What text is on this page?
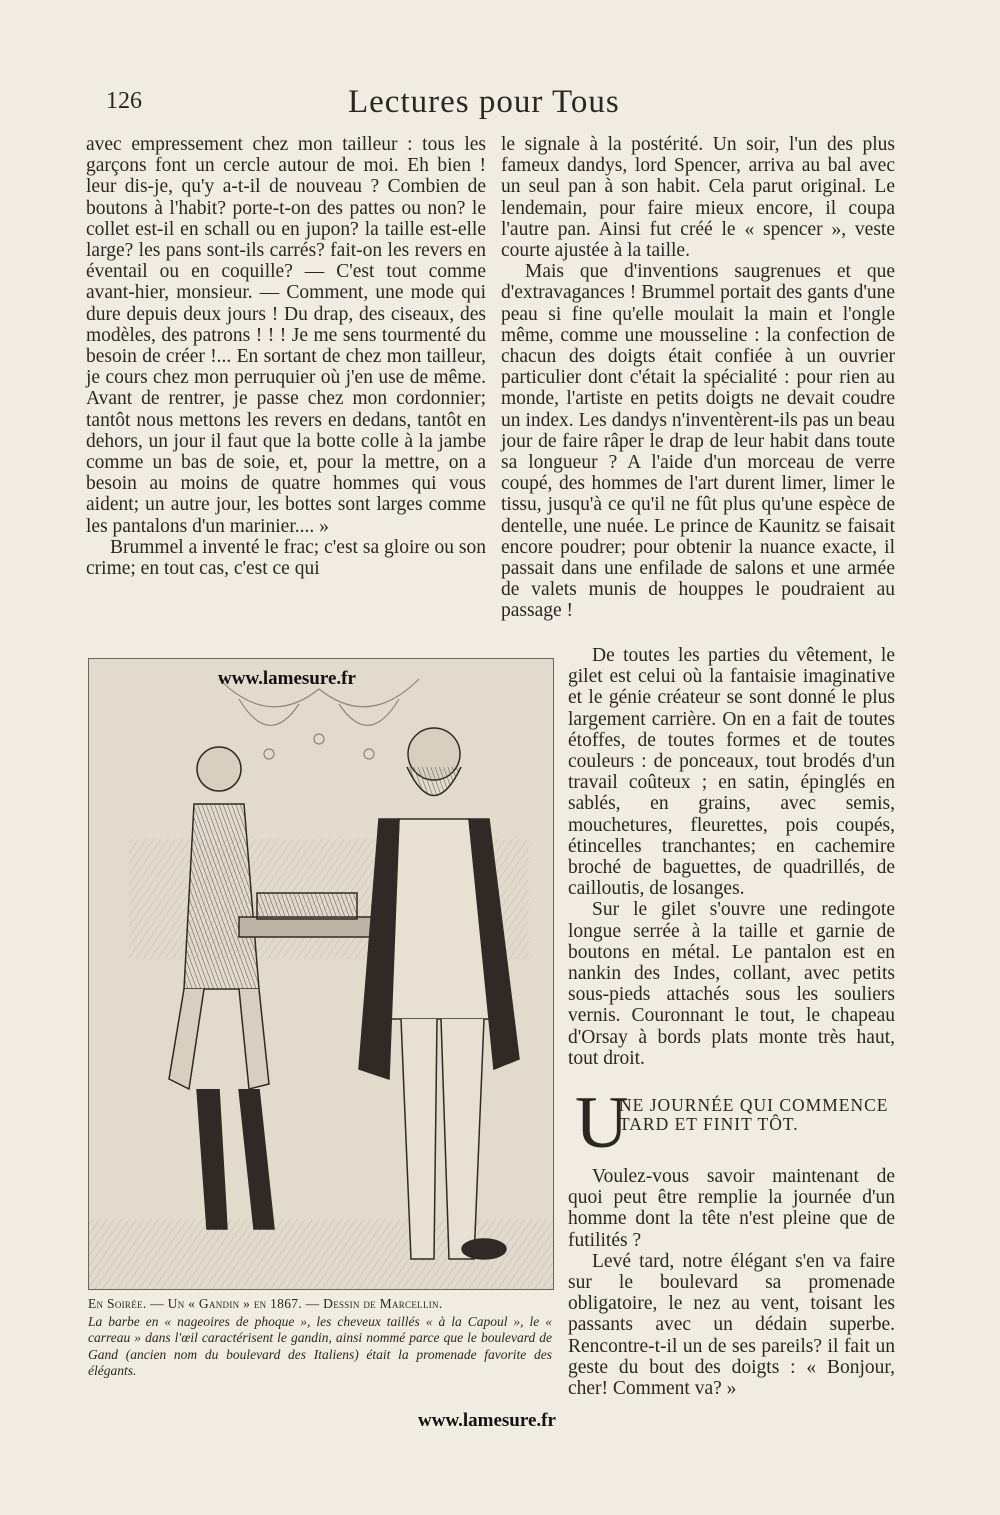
126	Lectures pour Tous

avec empressement chez mon tailleur : tous les garçons font un cercle autour de moi. Eh bien ! leur dis-je, qu'y a-t-il de nouveau ? Combien de boutons à l'habit? porte-t-on des pattes ou non? le collet est-il en schall ou en jupon? la taille est-elle large? les pans sont-ils carrés? fait-on les revers en éventail ou en coquille? — C'est tout comme avant-hier, monsieur. — Comment, une mode qui dure depuis deux jours ! Du drap, des ciseaux, des modèles, des patrons ! ! ! Je me sens tourmenté du besoin de créer !... En sortant de chez mon tailleur, je cours chez mon perruquier où j'en use de même. Avant de rentrer, je passe chez mon cordonnier; tantôt nous mettons les revers en dedans, tantôt en dehors, un jour il faut que la botte colle à la jambe comme un bas de soie, et, pour la mettre, on a besoin au moins de quatre hommes qui vous aident; un autre jour, les bottes sont larges comme les pantalons d'un marinier.... »

Brummel a inventé le frac; c'est sa gloire ou son crime; en tout cas, c'est ce qui

le signale à la postérité. Un soir, l'un des plus fameux dandys, lord Spencer, arriva au bal avec un seul pan à son habit. Cela parut original. Le lendemain, pour faire mieux encore, il coupa l'autre pan. Ainsi fut créé le « spencer », veste courte ajustée à la taille.

Mais que d'inventions saugrenues et que d'extravagances ! Brummel portait des gants d'une peau si fine qu'elle moulait la main et l'ongle même, comme une mousseline : la confection de chacun des doigts était confiée à un ouvrier particulier dont c'était la spécialité : pour rien au monde, l'artiste en petits doigts ne devait coudre un index. Les dandys n'inventèrent-ils pas un beau jour de faire râper le drap de leur habit dans toute sa longueur ? A l'aide d'un morceau de verre coupé, des hommes de l'art durent limer, limer le tissu, jusqu'à ce qu'il ne fût plus qu'une espèce de dentelle, une nuée. Le prince de Kaunitz se faisait encore poudrer; pour obtenir la nuance exacte, il passait dans une enfilade de salons et une armée de valets munis de houppes le poudraient au passage !

En Soirée. — Un « Gandin » en 1867. — Dessin de Marcellin.

La barbe en « nageoires de phoque », les cheveux taillés « à la Capoul », le « carreau » dans l'œil caractérisent le gandin, ainsi nommé parce que le boulevard de Gand (ancien nom du boulevard des Italiens) était la promenade favorite des élégants.

De toutes les parties du vêtement, le gilet est celui où la fantaisie imaginative et le génie créateur se sont donné le plus largement carrière. On en a fait de toutes étoffes, de toutes formes et de toutes couleurs : de ponceaux, tout brodés d'un travail coûteux ; en satin, épinglés en sablés, en grains, avec semis, mouchetures, fleurettes, pois coupés, étincelles tranchantes; en cachemire broché de baguettes, de quadrillés, de cailloutis, de losanges.

Sur le gilet s'ouvre une redingote longue serrée à la taille et garnie de boutons en métal. Le pantalon est en nankin des Indes, collant, avec petits sous-pieds attachés sous les souliers vernis. Couronnant le tout, le chapeau d'Orsay à bords plats monte très haut, tout droit.

U
NE JOURNÉE QUI COMMENCE TARD ET FINIT TÔT.

Voulez-vous savoir maintenant de quoi peut être remplie la journée d'un homme dont la tête n'est pleine que de futilités ?

Levé tard, notre élégant s'en va faire sur le boulevard sa promenade obligatoire, le nez au vent, toisant les passants avec un dédain superbe. Rencontre-t-il un de ses pareils? il fait un geste du bout des doigts : « Bonjour, cher! Comment va? »

www.lamesure.fr
www.lamesure.fr
